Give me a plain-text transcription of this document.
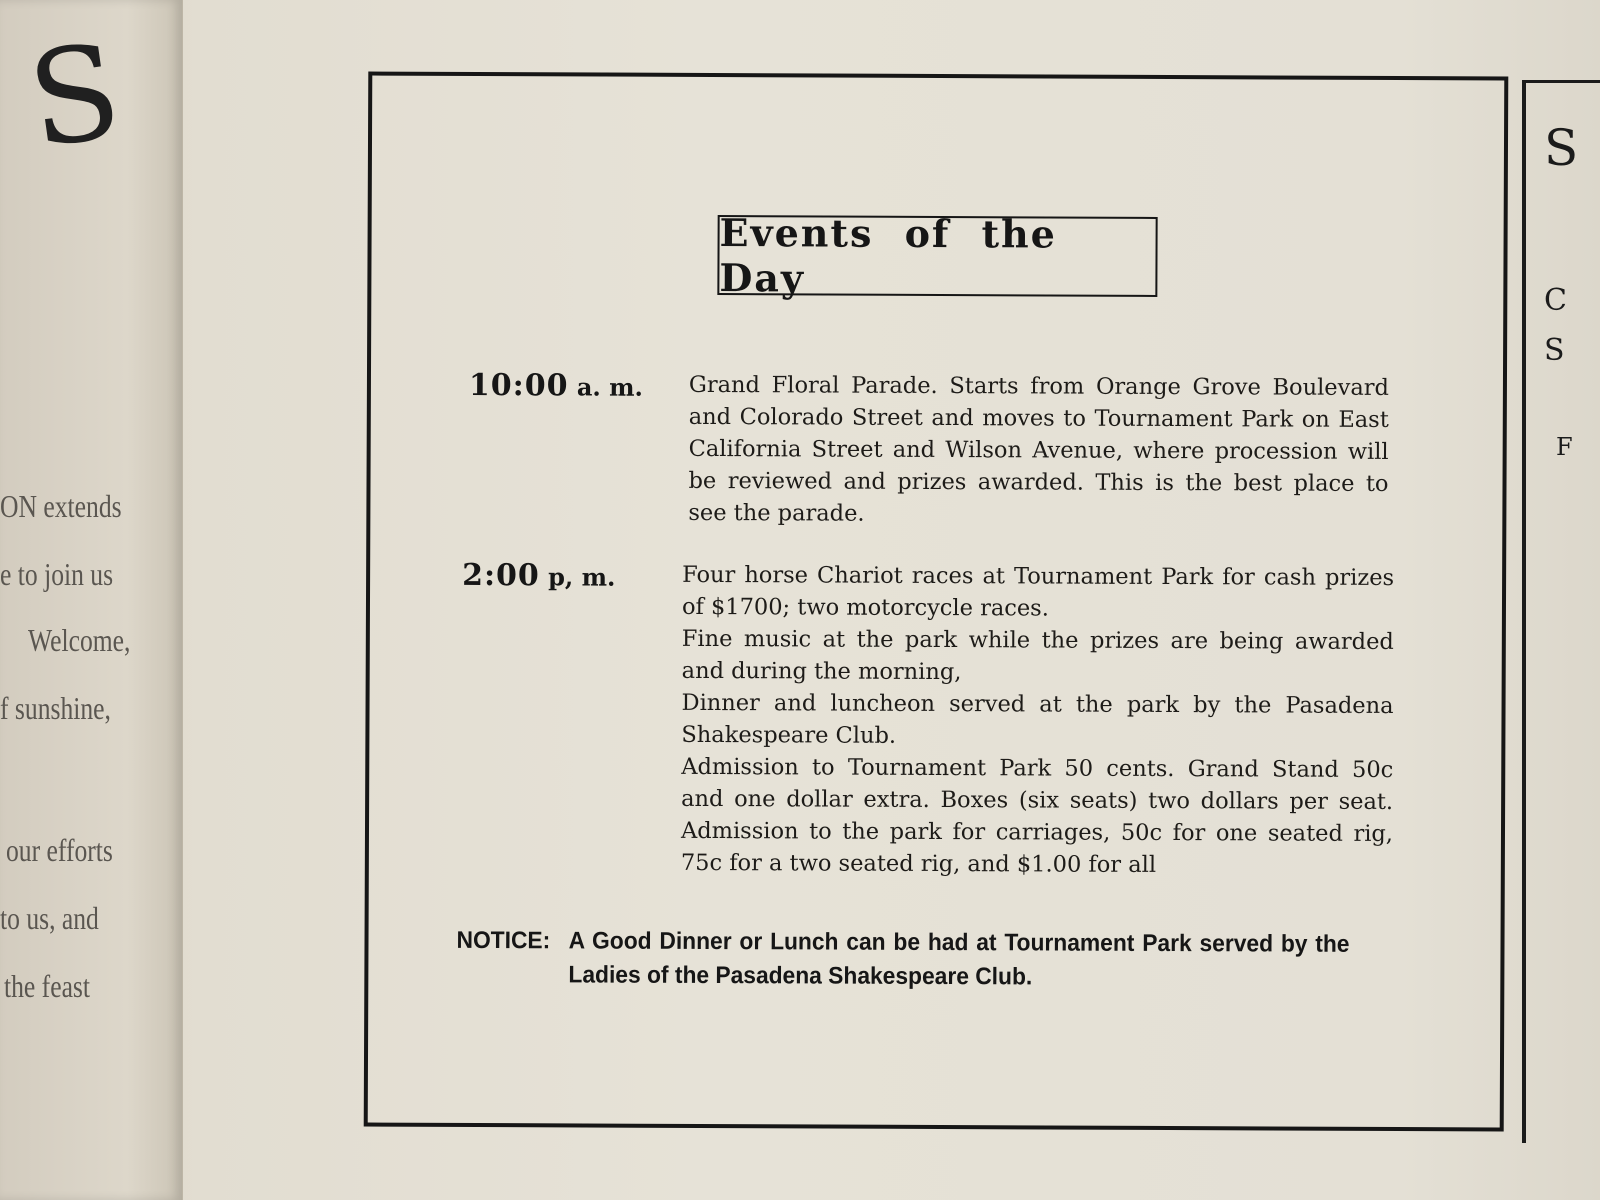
S
ON extends
e to join us
Welcome,
f sunshine,
our efforts
to us, and
the feast
S
C
S
F
Events of the Day
10:00 a. m. Grand Floral Parade. Starts from Orange Grove Boulevard and Colorado Street and moves to Tournament Park on East California Street and Wilson Avenue, where procession will be reviewed and prizes awarded. This is the best place to see the parade.

2:00 p, m.	Four horse Chariot races at Tournament Park for cash prizes of $1700; two motorcycle races.

Fine music at the park while the prizes are being awarded and during the morning,

Dinner and luncheon served at the park by the Pasadena Shakespeare Club.

Admission to Tournament Park 50 cents. Grand Stand 50c and one dollar extra. Boxes (six seats) two dollars per seat. Admission to the park for carriages, 50c for one seated rig, 75c for a two seated rig, and $1.00 for all

NOTICE: A Good Dinner or Lunch can be had at Tournament Park served by the Ladies of the Pasadena Shakespeare Club.
